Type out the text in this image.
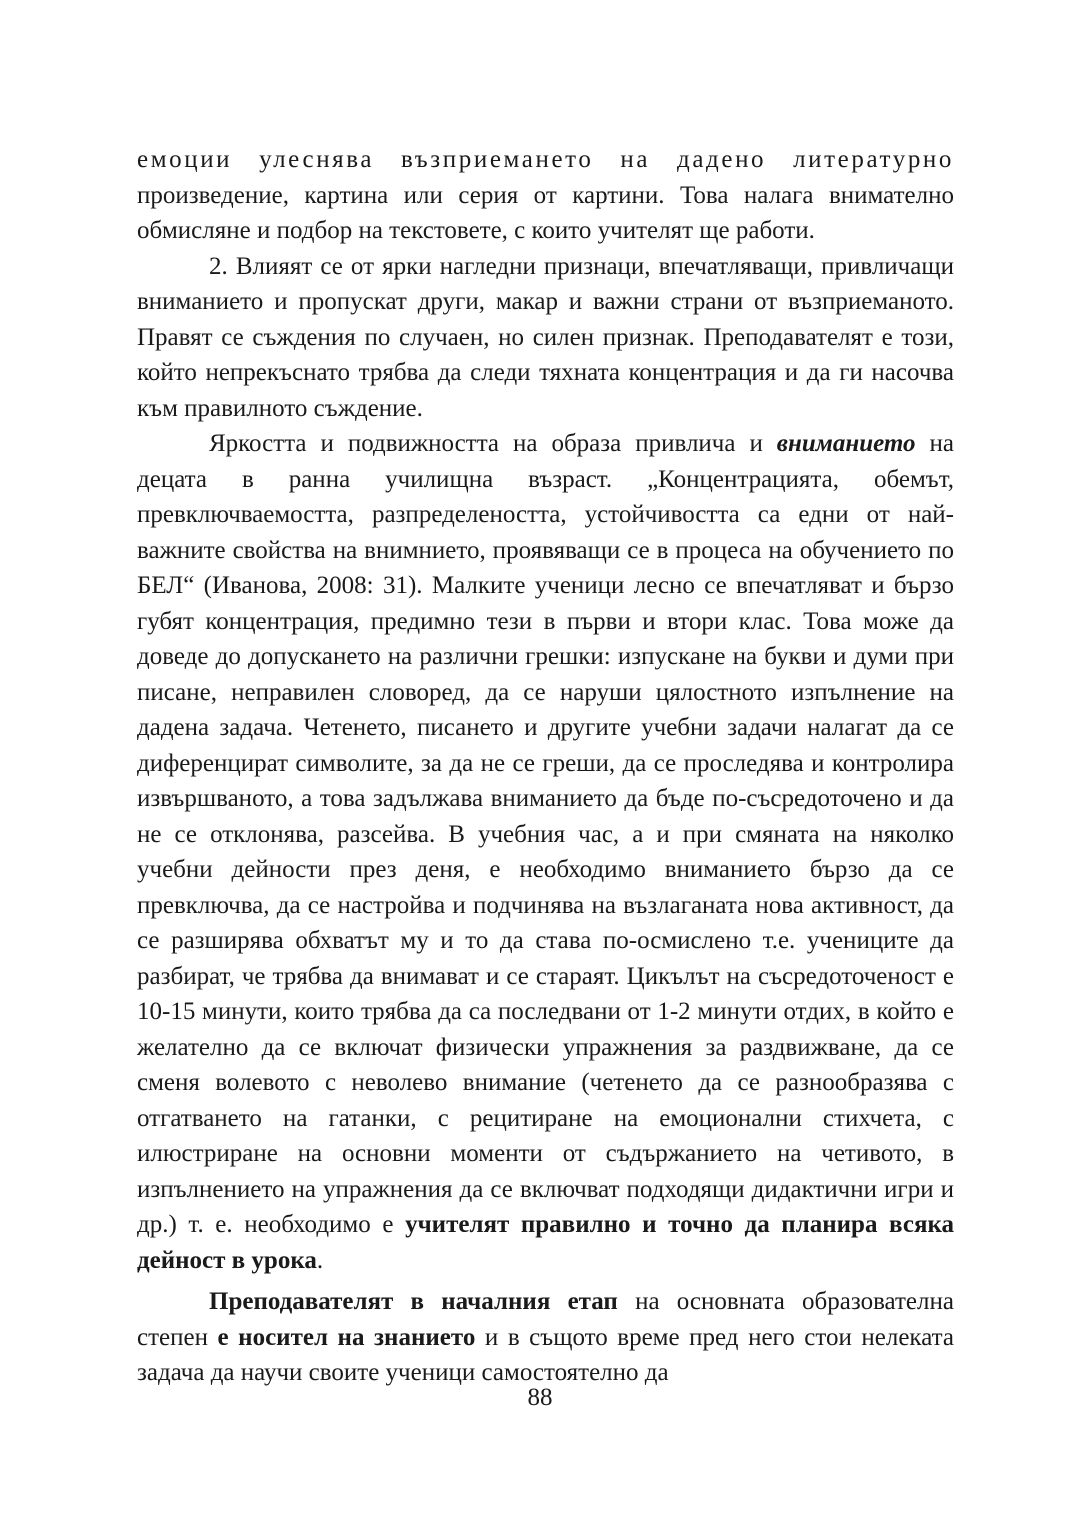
емоции улеснява възприемането на дадено литературно произведение, картина или серия от картини. Това налага внимателно обмисляне и подбор на текстовете, с които учителят ще работи.

2. Влияят се от ярки нагледни признаци, впечатляващи, привличащи вниманието и пропускат други, макар и важни страни от възприеманото. Правят се съждения по случаен, но силен признак. Преподавателят е този, който непрекъснато трябва да следи тяхната концентрация и да ги насочва към правилното съждение.

Яркостта и подвижността на образа привлича и вниманието на децата в ранна училищна възраст. „Концентрацията, обемът, превключваемостта, разпределеността, устойчивостта са едни от най-важните свойства на внимнието, проявяващи се в процеса на обучението по БЕЛ“ (Иванова, 2008: 31). Малките ученици лесно се впечатляват и бързо губят концентрация, предимно тези в първи и втори клас. Това може да доведе до допускането на различни грешки: изпускане на букви и думи при писане, неправилен словоред, да се наруши цялостното изпълнение на дадена задача. Четенето, писането и другите учебни задачи налагат да се диференцират символите, за да не се греши, да се проследява и контролира извършваното, а това задължава вниманието да бъде по-съсредоточено и да не се отклонява, разсейва. В учебния час, а и при смяната на няколко учебни дейности през деня, е необходимо вниманието бързо да се превключва, да се настройва и подчинява на възлаганата нова активност, да се разширява обхватът му и то да става по-осмислено т.е. учениците да разбират, че трябва да внимават и се стараят. Цикълът на съсредоточеност е 10-15 минути, които трябва да са последвани от 1-2 минути отдих, в който е желателно да се включат физически упражнения за раздвижване, да се сменя волевото с неволево внимание (четенето да се разнообразява с отгатването на гатанки, с рецитиране на емоционални стихчета, с илюстриране на основни моменти от съдържанието на четивото, в изпълнението на упражнения да се включват подходящи дидактични игри и др.) т. е. необходимо е учителят правилно и точно да планира всяка дейност в урока.

Преподавателят в началния етап на основната образователна степен е носител на знанието и в същото време пред него стои нелеката задача да научи своите ученици самостоятелно да

88
